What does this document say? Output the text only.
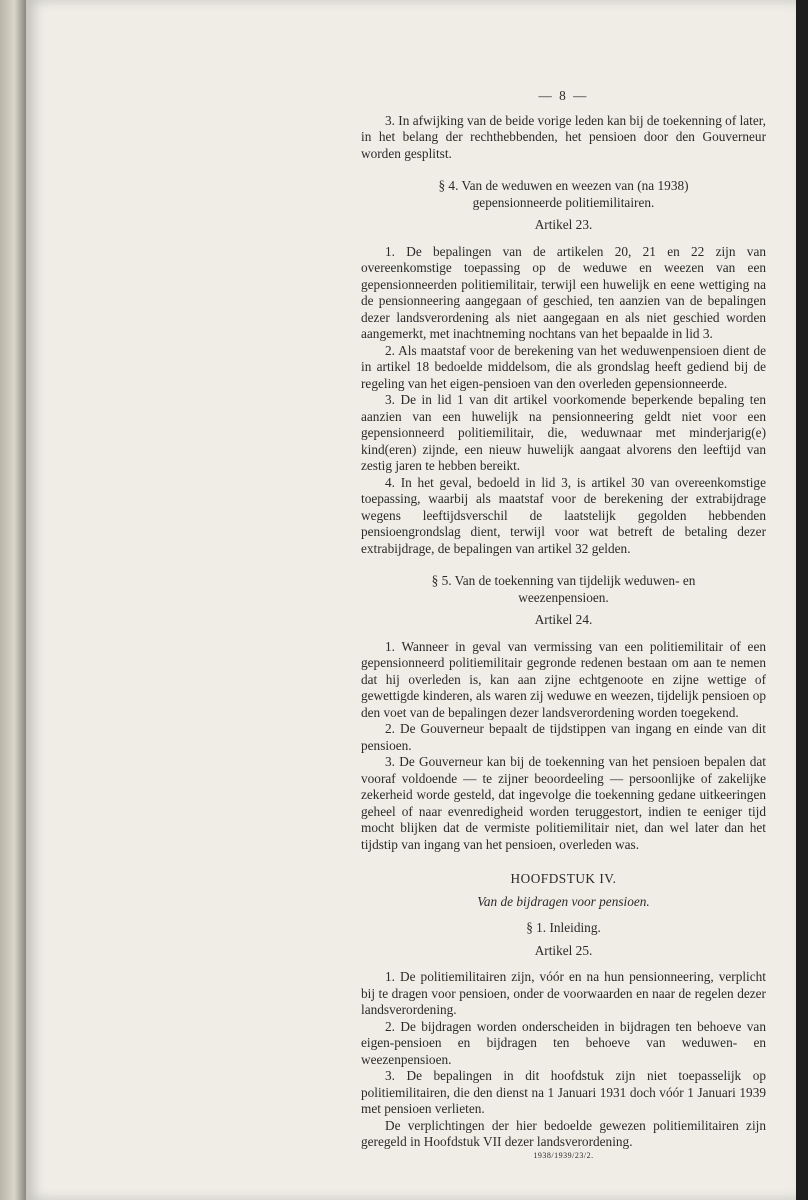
— 8 —

3. In afwijking van de beide vorige leden kan bij de toekenning of later, in het belang der rechthebbenden, het pensioen door den Gouverneur worden gesplitst.

§ 4. Van de weduwen en weezen van (na 1938) gepensionneerde politiemilitairen.
Artikel 23.

1. De bepalingen van de artikelen 20, 21 en 22 zijn van overeenkomstige toepassing op de weduwe en weezen van een gepensionneerden politiemilitair, terwijl een huwelijk en eene wettiging na de pensionneering aangegaan of geschied, ten aanzien van de bepalingen dezer landsverordening als niet aangegaan en als niet geschied worden aangemerkt, met inachtneming nochtans van het bepaalde in lid 3.

2. Als maatstaf voor de berekening van het weduwenpensioen dient de in artikel 18 bedoelde middelsom, die als grondslag heeft gediend bij de regeling van het eigen-pensioen van den overleden gepensionneerde.

3. De in lid 1 van dit artikel voorkomende beperkende bepaling ten aanzien van een huwelijk na pensionneering geldt niet voor een gepensionneerd politiemilitair, die, weduwnaar met minderjarig(e) kind(eren) zijnde, een nieuw huwelijk aangaat alvorens den leeftijd van zestig jaren te hebben bereikt.

4. In het geval, bedoeld in lid 3, is artikel 30 van overeenkomstige toepassing, waarbij als maatstaf voor de berekening der extrabijdrage wegens leeftijdsverschil de laatstelijk gegolden hebbenden pensioengrondslag dient, terwijl voor wat betreft de betaling dezer extrabijdrage, de bepalingen van artikel 32 gelden.

§ 5. Van de toekenning van tijdelijk weduwen- en weezenpensioen.
Artikel 24.

1. Wanneer in geval van vermissing van een politiemilitair of een gepensionneerd politiemilitair gegronde redenen bestaan om aan te nemen dat hij overleden is, kan aan zijne echtgenoote en zijne wettige of gewettigde kinderen, als waren zij weduwe en weezen, tijdelijk pensioen op den voet van de bepalingen dezer landsverordening worden toegekend.

2. De Gouverneur bepaalt de tijdstippen van ingang en einde van dit pensioen.

3. De Gouverneur kan bij de toekenning van het pensioen bepalen dat vooraf voldoende — te zijner beoordeeling — persoonlijke of zakelijke zekerheid worde gesteld, dat ingevolge die toekenning gedane uitkeeringen geheel of naar evenredigheid worden teruggestort, indien te eeniger tijd mocht blijken dat de vermiste politiemilitair niet, dan wel later dan het tijdstip van ingang van het pensioen, overleden was.

HOOFDSTUK IV.
Van de bijdragen voor pensioen.
§ 1. Inleiding.
Artikel 25.

1. De politiemilitairen zijn, vóór en na hun pensionneering, verplicht bij te dragen voor pensioen, onder de voorwaarden en naar de regelen dezer landsverordening.

2. De bijdragen worden onderscheiden in bijdragen ten behoeve van eigen-pensioen en bijdragen ten behoeve van weduwen- en weezenpensioen.

3. De bepalingen in dit hoofdstuk zijn niet toepasselijk op politiemilitairen, die den dienst na 1 Januari 1931 doch vóór 1 Januari 1939 met pensioen verlieten.

De verplichtingen der hier bedoelde gewezen politiemilitairen zijn geregeld in Hoofdstuk VII dezer landsverordening.

1938/1939/23/2.
